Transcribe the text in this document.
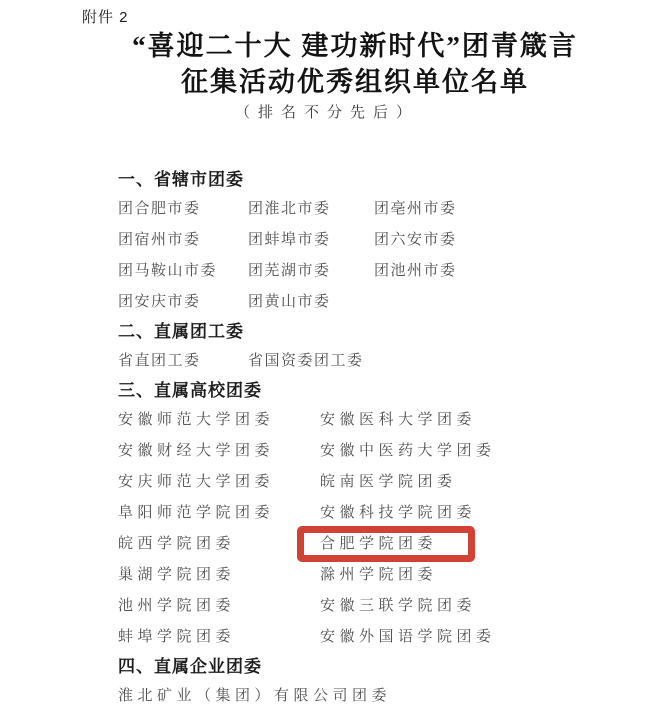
附件 2
“喜迎二十大 建功新时代”团青箴言
征集活动优秀组织单位名单
（排名不分先后）
一、省辖市团委
团合肥市委	团淮北市委	团亳州市委
团宿州市委	团蚌埠市委	团六安市委
团马鞍山市委 团芜湖市委	团池州市委
团安庆市委	团黄山市委
二、直属团工委
省直团工委	省国资委团工委
三、直属高校团委
安徽师范大学团委	安徽医科大学团委
安徽财经大学团委	安徽中医药大学团委
安庆师范大学团委	皖南医学院团委
阜阳师范学院团委	安徽科技学院团委
皖西学院团委	合肥学院团委
巢湖学院团委	滁州学院团委
池州学院团委	安徽三联学院团委
蚌埠学院团委	安徽外国语学院团委
四、直属企业团委
淮北矿业（集团）有限公司团委
